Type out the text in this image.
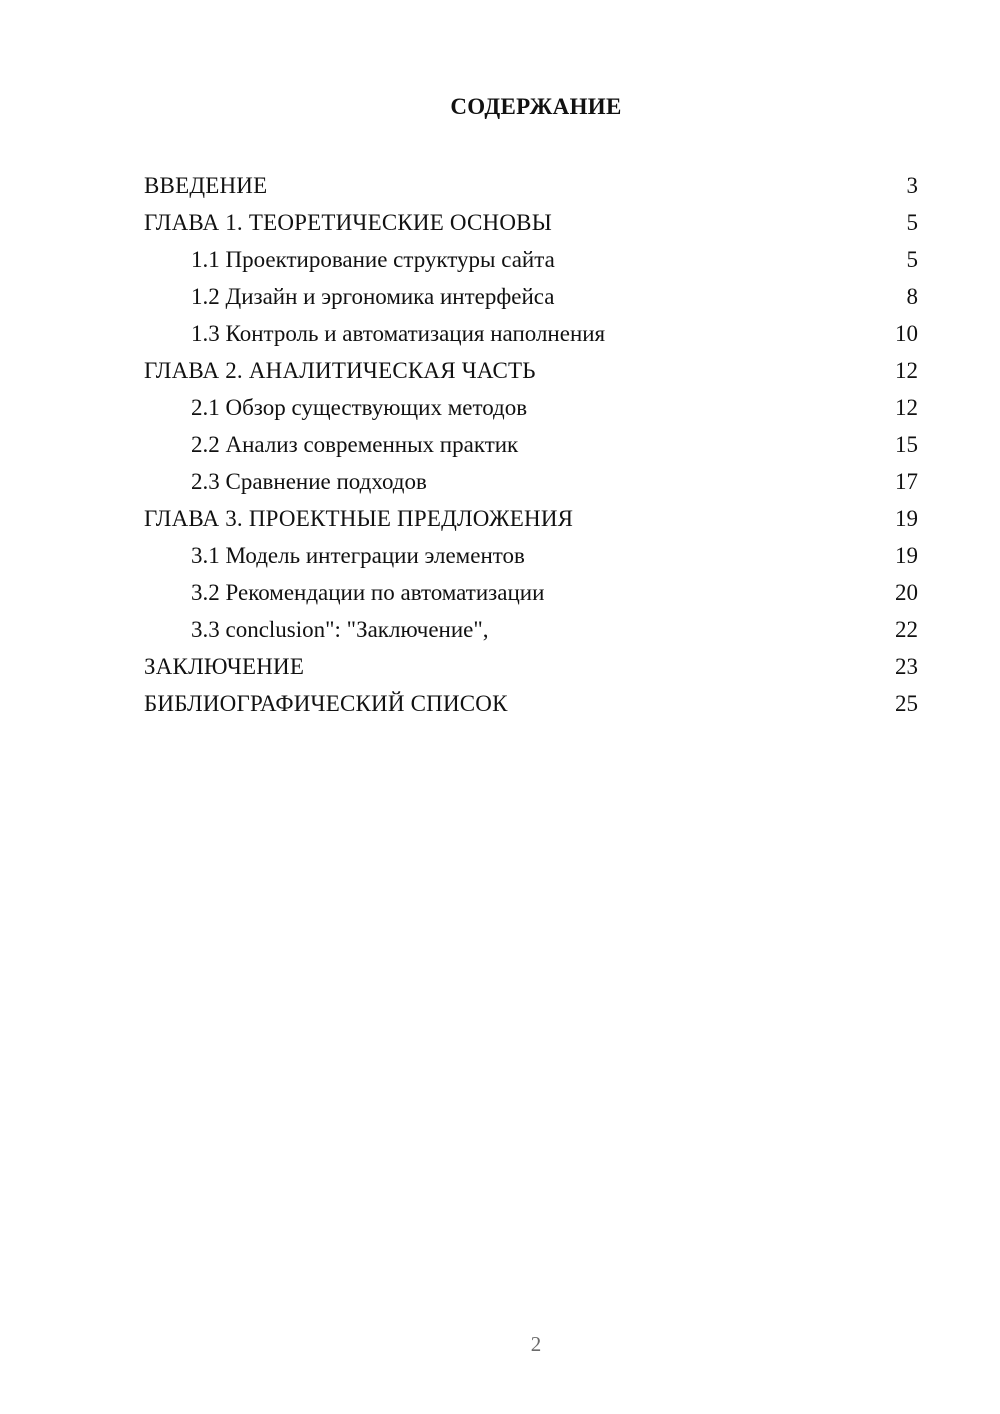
СОДЕРЖАНИЕ
ВВЕДЕНИЕ	3
ГЛАВА 1. ТЕОРЕТИЧЕСКИЕ ОСНОВЫ	5
1.1 Проектирование структуры сайта	5
1.2 Дизайн и эргономика интерфейса	8
1.3 Контроль и автоматизация наполнения	10
ГЛАВА 2. АНАЛИТИЧЕСКАЯ ЧАСТЬ	12
2.1 Обзор существующих методов	12
2.2 Анализ современных практик	15
2.3 Сравнение подходов	17
ГЛАВА 3. ПРОЕКТНЫЕ ПРЕДЛОЖЕНИЯ	19
3.1 Модель интеграции элементов	19
3.2 Рекомендации по автоматизации	20
3.3 conclusion": "Заключение",	22
ЗАКЛЮЧЕНИЕ	23
БИБЛИОГРАФИЧЕСКИЙ СПИСОК	25
2
